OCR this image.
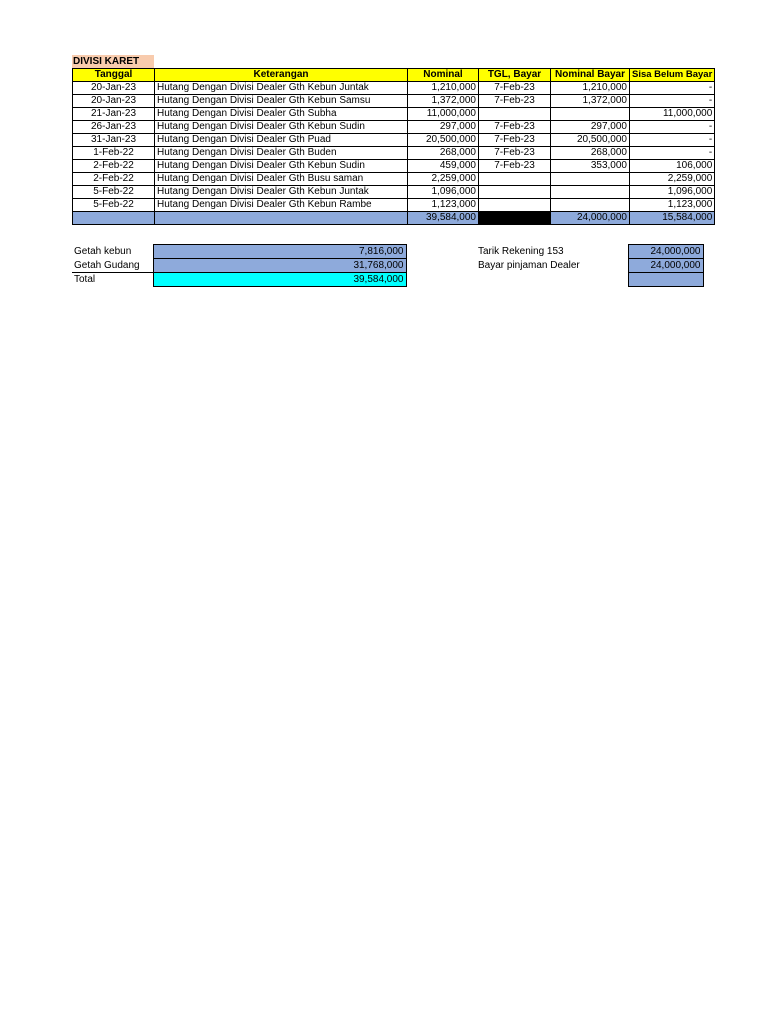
DIVISI KARET
Tanggal	Keterangan	Nominal	TGL, Bayar	Nominal Bayar	Sisa Belum Bayar
20-Jan-23	Hutang Dengan Divisi Dealer Gth Kebun Juntak	1,210,000	7-Feb-23	1,210,000	-
20-Jan-23	Hutang Dengan Divisi Dealer Gth Kebun Samsu	1,372,000	7-Feb-23	1,372,000	-
21-Jan-23	Hutang Dengan Divisi Dealer Gth Subha	11,000,000			11,000,000
26-Jan-23	Hutang Dengan Divisi Dealer Gth Kebun Sudin	297,000	7-Feb-23	297,000	-
31-Jan-23	Hutang Dengan Divisi Dealer Gth Puad	20,500,000	7-Feb-23	20,500,000	-
1-Feb-22	Hutang Dengan Divisi Dealer Gth Buden	268,000	7-Feb-23	268,000	-
2-Feb-22	Hutang Dengan Divisi Dealer Gth Kebun Sudin	459,000	7-Feb-23	353,000	106,000
2-Feb-22	Hutang Dengan Divisi Dealer Gth Busu saman	2,259,000			2,259,000
5-Feb-22	Hutang Dengan Divisi Dealer Gth Kebun Juntak	1,096,000			1,096,000
5-Feb-22	Hutang Dengan Divisi Dealer Gth Kebun Rambe	1,123,000			1,123,000
		39,584,000		24,000,000	15,584,000
Getah kebun	7,816,000
Getah Gudang	31,768,000
Total	39,584,000
Tarik Rekening 153	24,000,000
Bayar pinjaman Dealer	24,000,000
